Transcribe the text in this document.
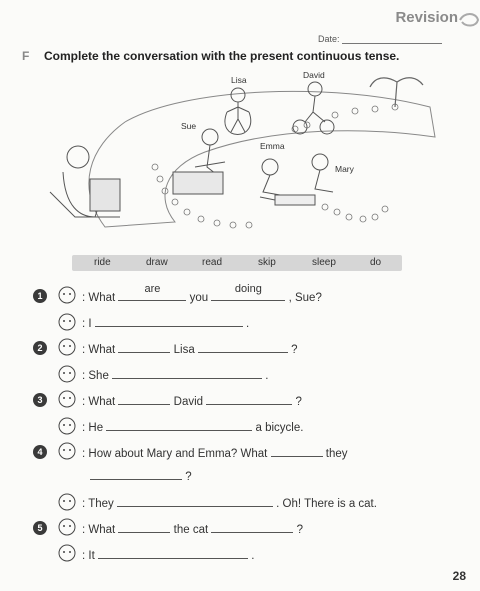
Revision
Date:
F Complete the conversation with the present continuous tense.
Lisa	David
Sue
Emma
Mary
ride	draw	read	skip	sleep	do
1	: What
are
you
doing
, Sue?
: I	.
2	: What	Lisa	?
: She	.
3	: What	David	?
: He	a bicycle.
4	: How about Mary and Emma? What	they
?
: They	. Oh! There is a cat.
5	: What	the cat	?
: It	.
28
